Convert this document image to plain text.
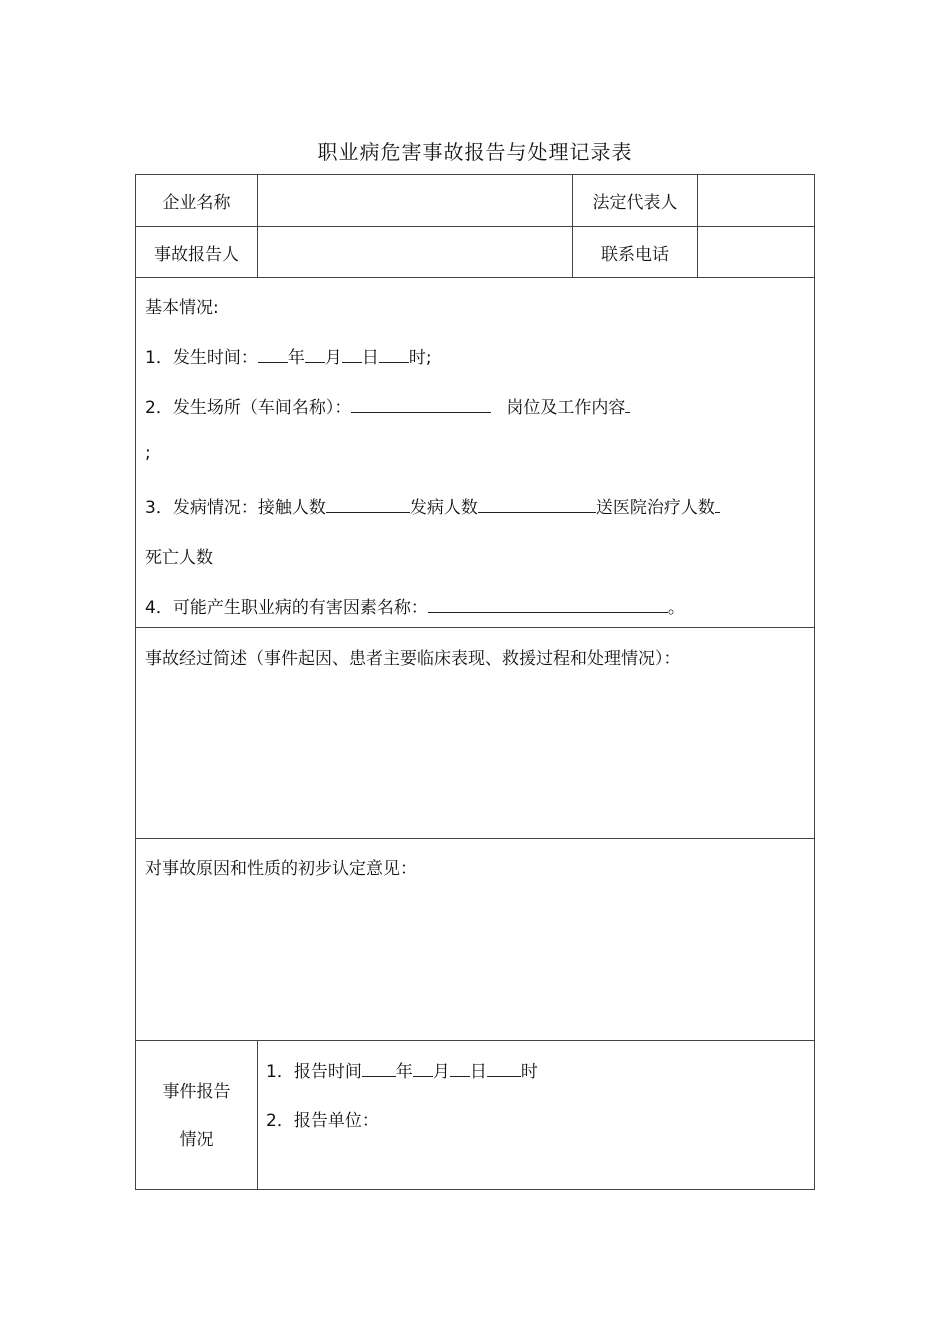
职业病危害事故报告与处理记录表
企业名称	法定代表人
事故报告人	联系电话
基本情况:
1．发生时间： 年 月 日 时;
2．发生场所（车间名称）：	岗位及工作内容
;
3．发病情况：接触人数	发病人数	送医院治疗人数
死亡人数
4．可能产生职业病的有害因素名称：	。
事故经过简述（事件起因、患者主要临床表现、救援过程和处理情况）：
对事故原因和性质的初步认定意见：
事件报告
情况
1．报告时间 年 月 日 时
2．报告单位：
